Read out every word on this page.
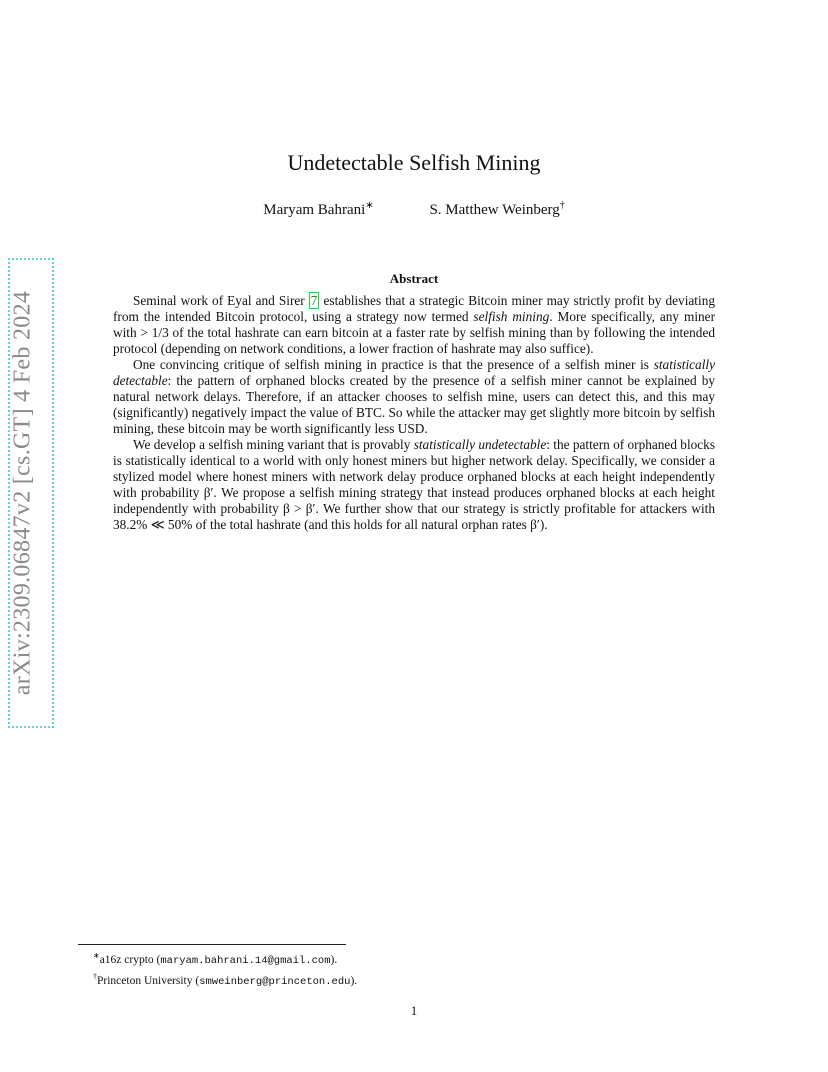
arXiv:2309.06847v2 [cs.GT] 4 Feb 2024
Undetectable Selfish Mining
Maryam Bahrani∗	S. Matthew Weinberg†
Abstract

Seminal work of Eyal and Sirer 7 establishes that a strategic Bitcoin miner may strictly profit by deviating from the intended Bitcoin protocol, using a strategy now termed selfish mining. More specifically, any miner with > 1/3 of the total hashrate can earn bitcoin at a faster rate by selfish mining than by following the intended protocol (depending on network conditions, a lower fraction of hashrate may also suffice).

One convincing critique of selfish mining in practice is that the presence of a selfish miner is statistically detectable: the pattern of orphaned blocks created by the presence of a selfish miner cannot be explained by natural network delays. Therefore, if an attacker chooses to selfish mine, users can detect this, and this may (significantly) negatively impact the value of BTC. So while the attacker may get slightly more bitcoin by selfish mining, these bitcoin may be worth significantly less USD.

We develop a selfish mining variant that is provably statistically undetectable: the pattern of orphaned blocks is statistically identical to a world with only honest miners but higher network delay. Specifically, we consider a stylized model where honest miners with network delay produce orphaned blocks at each height independently with probability β′. We propose a selfish mining strategy that instead produces orphaned blocks at each height independently with probability β > β′. We further show that our strategy is strictly profitable for attackers with 38.2% ≪ 50% of the total hashrate (and this holds for all natural orphan rates β′).

∗a16z crypto (maryam.bahrani.14@gmail.com).
†Princeton University (smweinberg@princeton.edu).
1
